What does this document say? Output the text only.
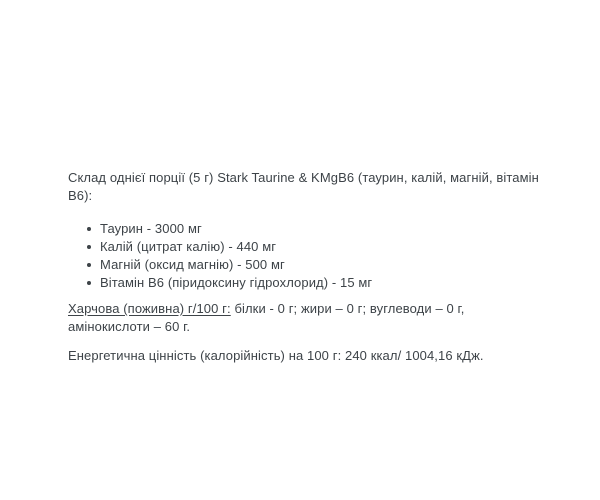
Склад однієї порції (5 г) Stark Taurine & KMgB6 (таурин, калій, магній, вітамін B6):

Таурин - 3000 мг
Калій (цитрат калію) - 440 мг
Магній (оксид магнію) - 500 мг
Вітамін B6 (піридоксину гідрохлорид) - 15 мг

Харчова (поживна) г/100 г: білки - 0 г; жири – 0 г; вуглеводи – 0 г, амінокислоти – 60 г.

Енергетична цінність (калорійність) на 100 г: 240 ккал/ 1004,16 кДж.
